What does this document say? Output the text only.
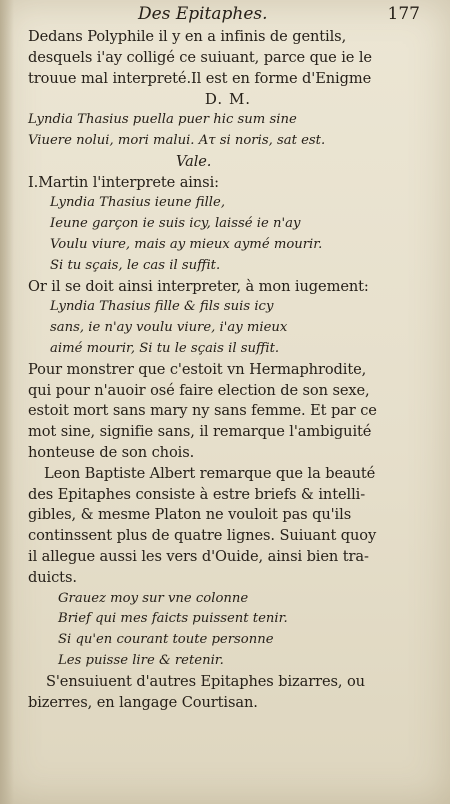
Des Epitaphes.	177
Dedans Polyphile il y en a infinis de gentils,
desquels i'ay colligé ce suiuant, parce que ie le
trouue mal interpreté.Il est en forme d'Enigme
D. M.
Lyndia Thasius puella puer hic sum sine
Viuere nolui, mori malui. Ατ si noris, sat est.
Vale.
I.Martin l'interprete ainsi:
Lyndia Thasius ieune fille,
Ieune garçon ie suis icy, laissé ie n'ay
Voulu viure, mais ay mieux aymé mourir.
Si tu sçais, le cas il suffit.
Or il se doit ainsi interpreter, à mon iugement:
Lyndia Thasius fille & fils suis icy
sans, ie n'ay voulu viure, i'ay mieux
aimé mourir, Si tu le sçais il suffit.
Pour monstrer que c'estoit vn Hermaphrodite,
qui pour n'auoir osé faire election de son sexe,
estoit mort sans mary ny sans femme. Et par ce
mot sine, signifie sans, il remarque l'ambiguité
honteuse de son chois.
Leon Baptiste Albert remarque que la beauté
des Epitaphes consiste à estre briefs & intelli-
gibles, & mesme Platon ne vouloit pas qu'ils
continssent plus de quatre lignes. Suiuant quoy
il allegue aussi les vers d'Ouide, ainsi bien tra-
duicts.
Grauez moy sur vne colonne
Brief qui mes faicts puissent tenir.
Si qu'en courant toute personne
Les puisse lire & retenir.
S'ensuiuent d'autres Epitaphes bizarres, ou
bizerres, en langage Courtisan.
